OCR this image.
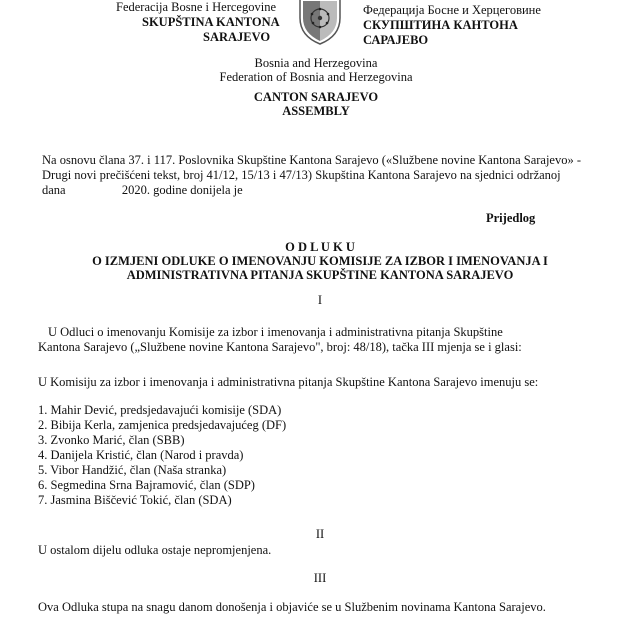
Federacija Bosne i Hercegovine
SKUPŠTINA KANTONA
SARAJEVO
Федерација Босне и Херцеговине
СКУПШТИНА КАНТОНА
САРАЈЕВО
Bosnia and Herzegovina
Federation of Bosnia and Herzegovina
CANTON SARAJEVO
ASSEMBLY
Na osnovu člana 37. i 117. Poslovnika Skupštine Kantona Sarajevo («Službene novine Kantona Sarajevo» -
Drugi novi prečišćeni tekst, broj 41/12, 15/13 i 47/13) Skupština Kantona Sarajevo na sjednici održanoj
dana                  2020. godine donijela je
Prijedlog
O D L U K U
O IZMJENI ODLUKE O IMENOVANJU KOMISIJE ZA IZBOR I IMENOVANJA I
ADMINISTRATIVNA PITANJA SKUPŠTINE KANTONA SARAJEVO
I
U Odluci o imenovanju Komisije za izbor i imenovanja i administrativna pitanja Skupštine
Kantona Sarajevo („Službene novine Kantona Sarajevo", broj: 48/18), tačka III mjenja se i glasi:
U Komisiju za izbor i imenovanja i administrativna pitanja Skupštine Kantona Sarajevo imenuju se:
1. Mahir Dević, predsjedavajući komisije (SDA)
2. Bibija Kerla, zamjenica predsjedavajućeg (DF)
3. Zvonko Marić, član (SBB)
4. Danijela Kristić, član (Narod i pravda)
5. Vibor Handžić, član (Naša stranka)
6. Segmedina Srna Bajramović, član (SDP)
7. Jasmina Biščević Tokić, član (SDA)
II
U ostalom dijelu odluka ostaje nepromjenjena.
III
Ova Odluka stupa na snagu danom donošenja i objaviće se u Službenim novinama Kantona Sarajevo.
